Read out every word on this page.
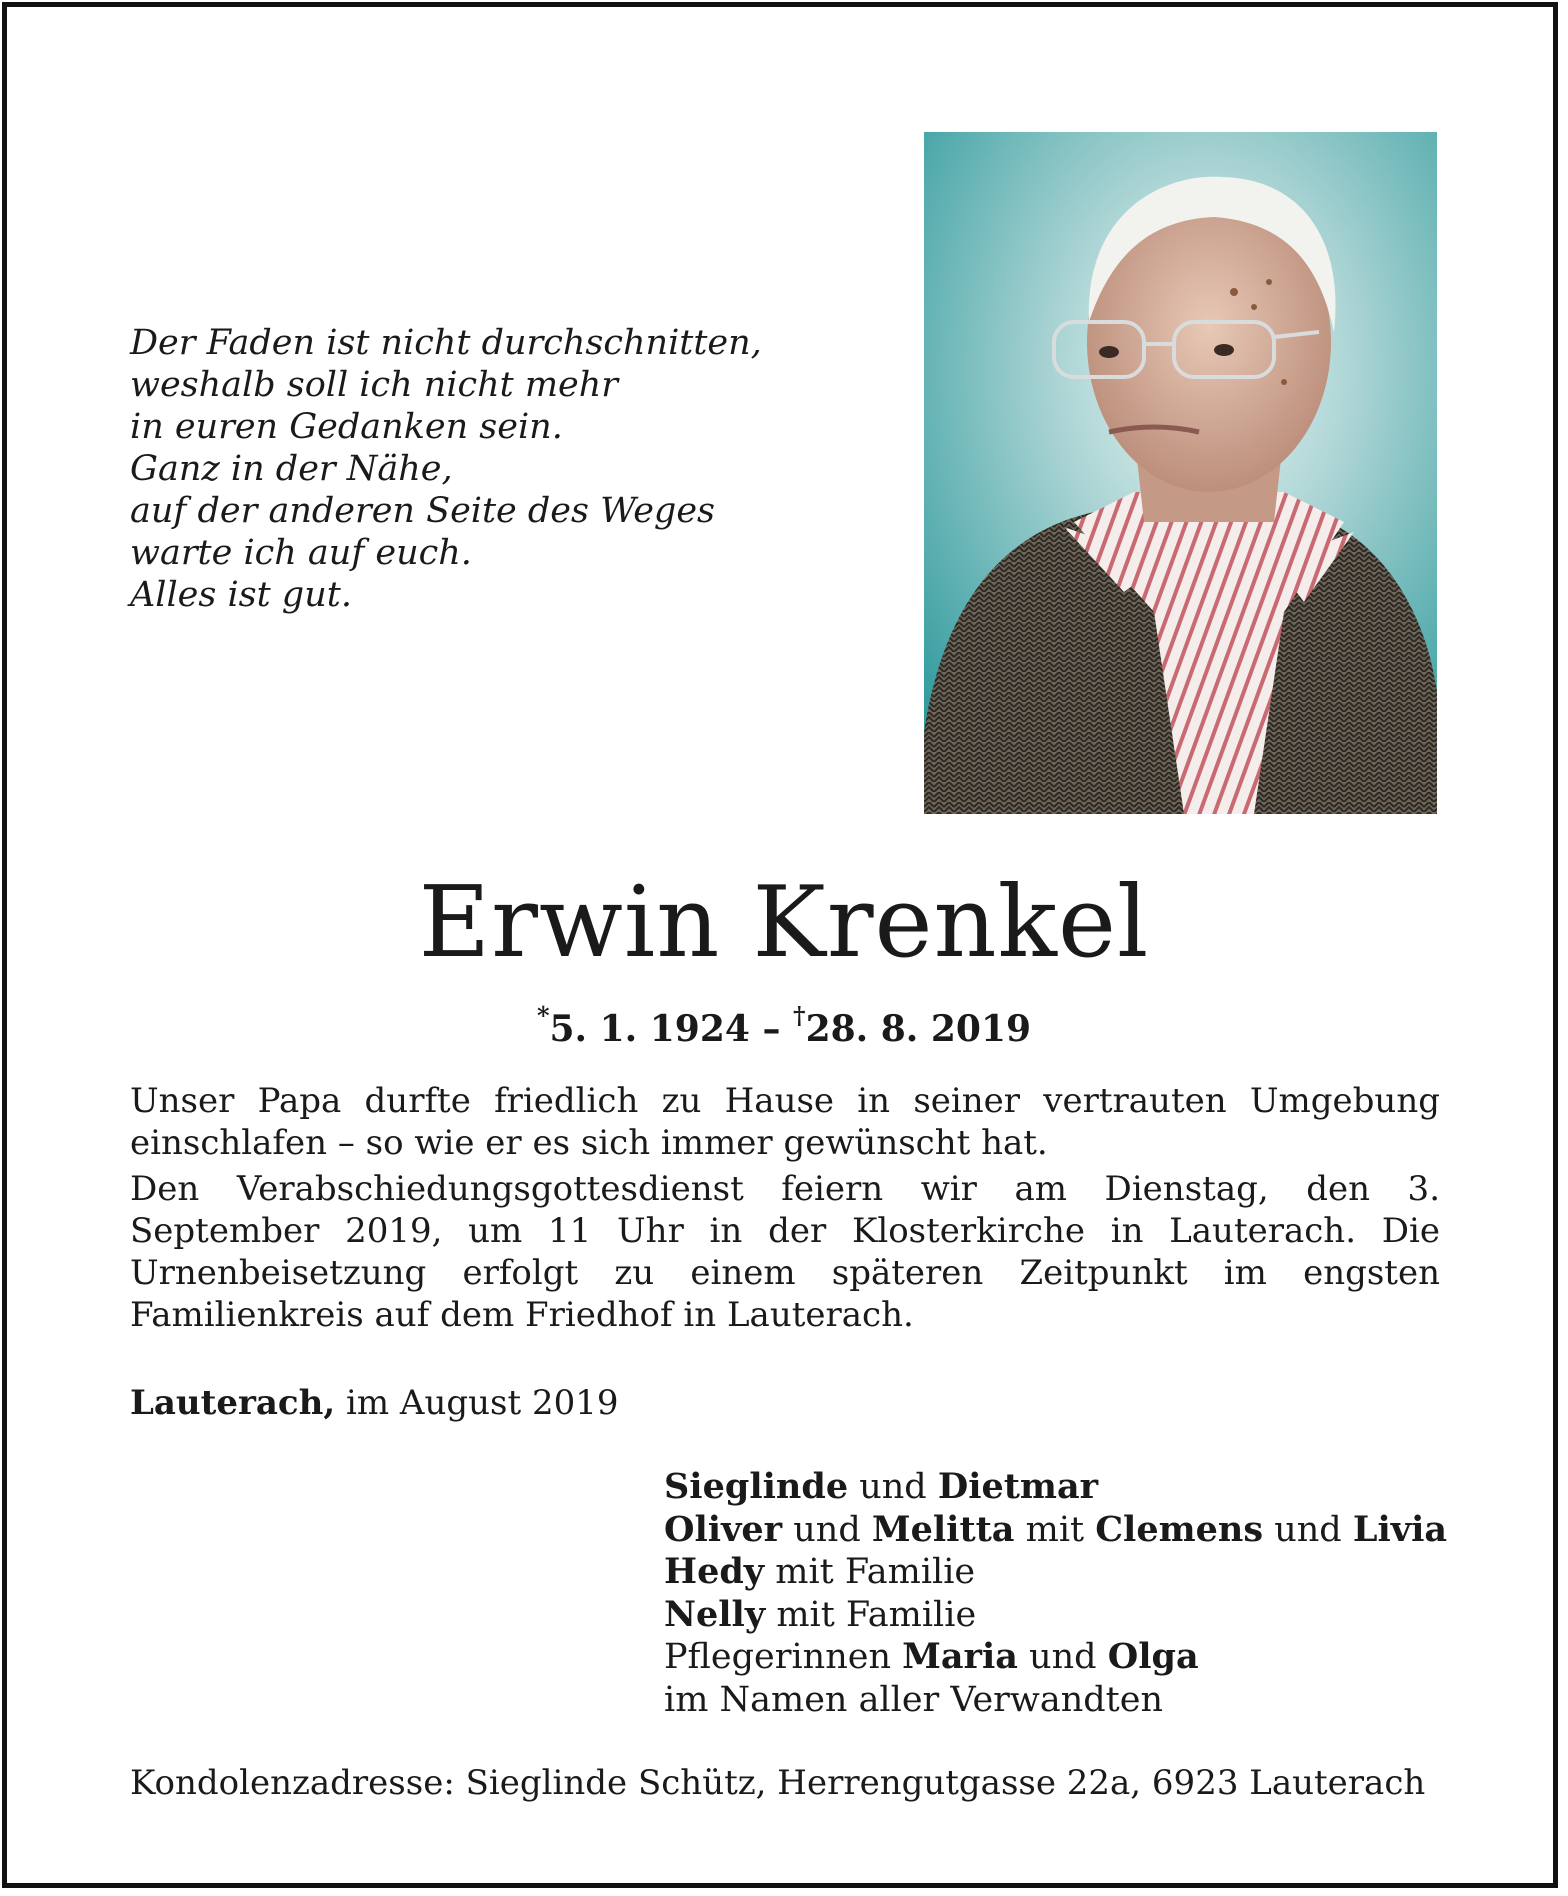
Der Faden ist nicht durchschnitten,
weshalb soll ich nicht mehr
in euren Gedanken sein.
Ganz in der Nähe,
auf der anderen Seite des Weges
warte ich auf euch.
Alles ist gut.
Erwin Krenkel
*5. 1. 1924 – †28. 8. 2019

Unser Papa durfte friedlich zu Hause in seiner vertrauten Umgebung einschlafen – so wie er es sich immer gewünscht hat.

Den Verabschiedungsgottesdienst feiern wir am Dienstag, den 3. September 2019, um 11 Uhr in der Klosterkirche in Lauterach. Die Urnenbeisetzung erfolgt zu einem späteren Zeitpunkt im engsten Familienkreis auf dem Friedhof in Lauterach.

Lauterach, im August 2019
Sieglinde und Dietmar
Oliver und Melitta mit Clemens und Livia
Hedy mit Familie
Nelly mit Familie
Pflegerinnen Maria und Olga
im Namen aller Verwandten
Kondolenzadresse: Sieglinde Schütz, Herrengutgasse 22a, 6923 Lauterach
